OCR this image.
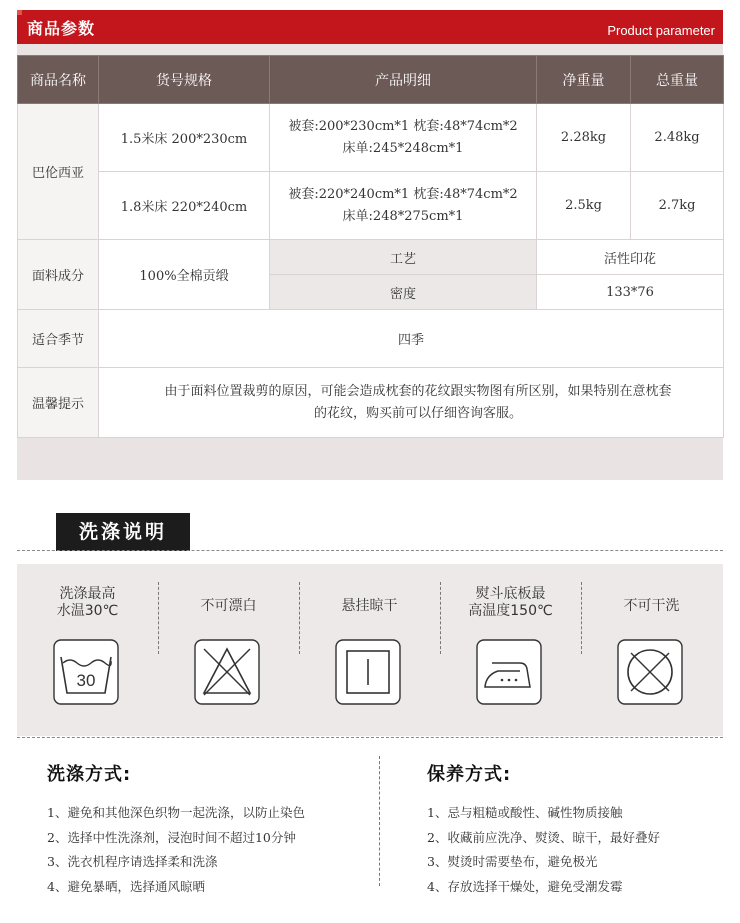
商品参数	Product parameter
商品名称	货号规格	产品明细	净重量	总重量
巴伦西亚	1.5米床 200*230cm	被套:200*230cm*1 枕套:48*74cm*2
床单:245*248cm*1	2.28kg	2.48kg
	1.8米床 220*240cm	被套:220*240cm*1 枕套:48*74cm*2
床单:248*275cm*1	2.5kg	2.7kg
面料成分	100%全棉贡缎	工艺	活性印花	
		密度	133*76	
适合季节	四季			
温馨提示	由于面料位置裁剪的原因，可能会造成枕套的花纹跟实物图有所区别，如果特别在意枕套
的花纹，购买前可以仔细咨询客服。			
洗涤说明
洗涤最高
水温30℃
30
不可漂白	悬挂晾干
熨斗底板最
高温度150℃	不可干洗
洗涤方式:
1、避免和其他深色织物一起洗涤，以防止染色
2、选择中性洗涤剂，浸泡时间不超过10分钟
3、洗衣机程序请选择柔和洗涤
4、避免暴晒，选择通风晾晒
保养方式:
1、忌与粗糙或酸性、碱性物质接触
2、收藏前应洗净、熨烫、晾干，最好叠好
3、熨烫时需要垫布，避免极光
4、存放选择干燥处，避免受潮发霉
